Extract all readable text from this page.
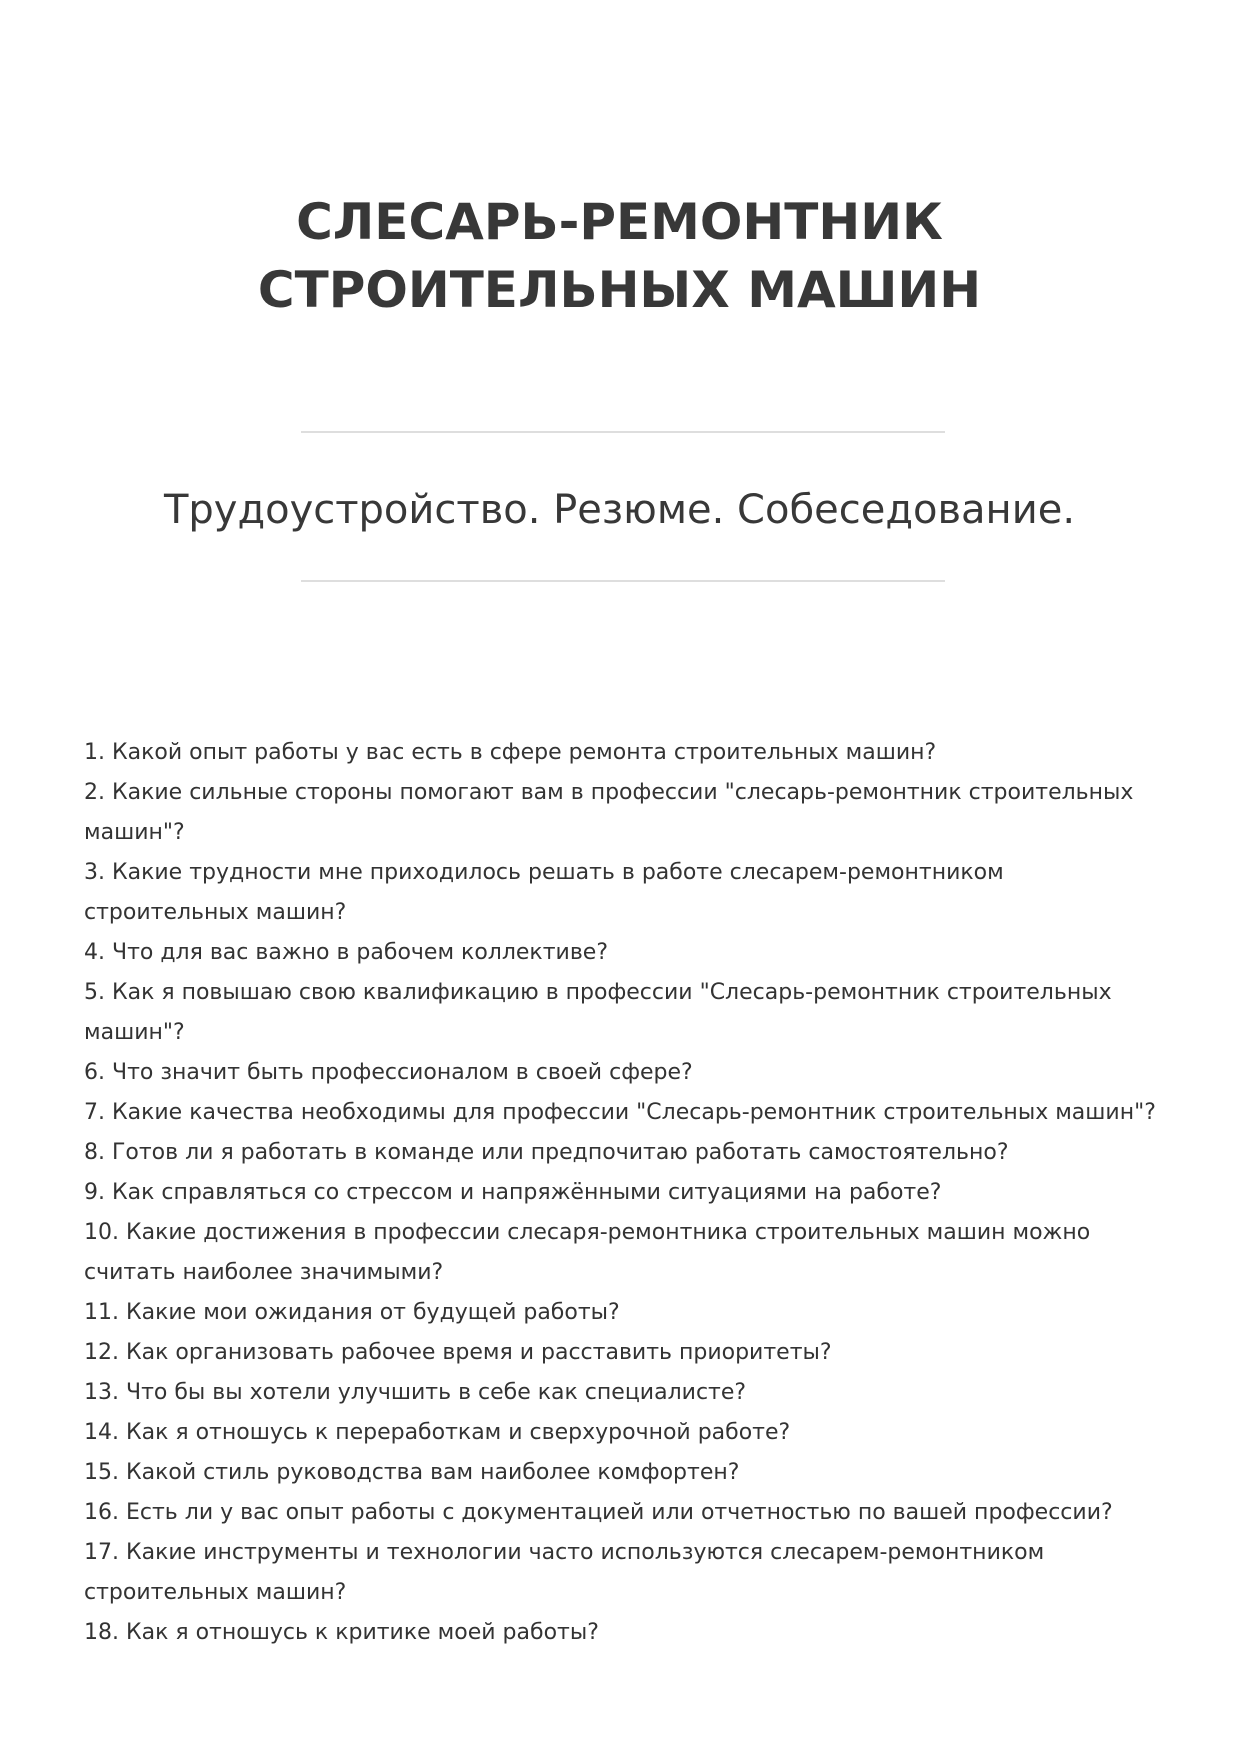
СЛЕСАРЬ-РЕМОНТНИК
СТРОИТЕЛЬНЫХ МАШИН
Трудоустройство. Резюме. Собеседование.
1. Какой опыт работы у вас есть в сфере ремонта строительных машин?
2. Какие сильные стороны помогают вам в профессии "слесарь-ремонтник строительных машин"?
3. Какие трудности мне приходилось решать в работе слесарем-ремонтником строительных машин?
4. Что для вас важно в рабочем коллективе?
5. Как я повышаю свою квалификацию в профессии "Слесарь-ремонтник строительных машин"?
6. Что значит быть профессионалом в своей сфере?
7. Какие качества необходимы для профессии "Слесарь-ремонтник строительных машин"?
8. Готов ли я работать в команде или предпочитаю работать самостоятельно?
9. Как справляться со стрессом и напряжёнными ситуациями на работе?
10. Какие достижения в профессии слесаря-ремонтника строительных машин можно считать наиболее значимыми?
11. Какие мои ожидания от будущей работы?
12. Как организовать рабочее время и расставить приоритеты?
13. Что бы вы хотели улучшить в себе как специалисте?
14. Как я отношусь к переработкам и сверхурочной работе?
15. Какой стиль руководства вам наиболее комфортен?
16. Есть ли у вас опыт работы с документацией или отчетностью по вашей профессии?
17. Какие инструменты и технологии часто используются слесарем-ремонтником строительных машин?
18. Как я отношусь к критике моей работы?
